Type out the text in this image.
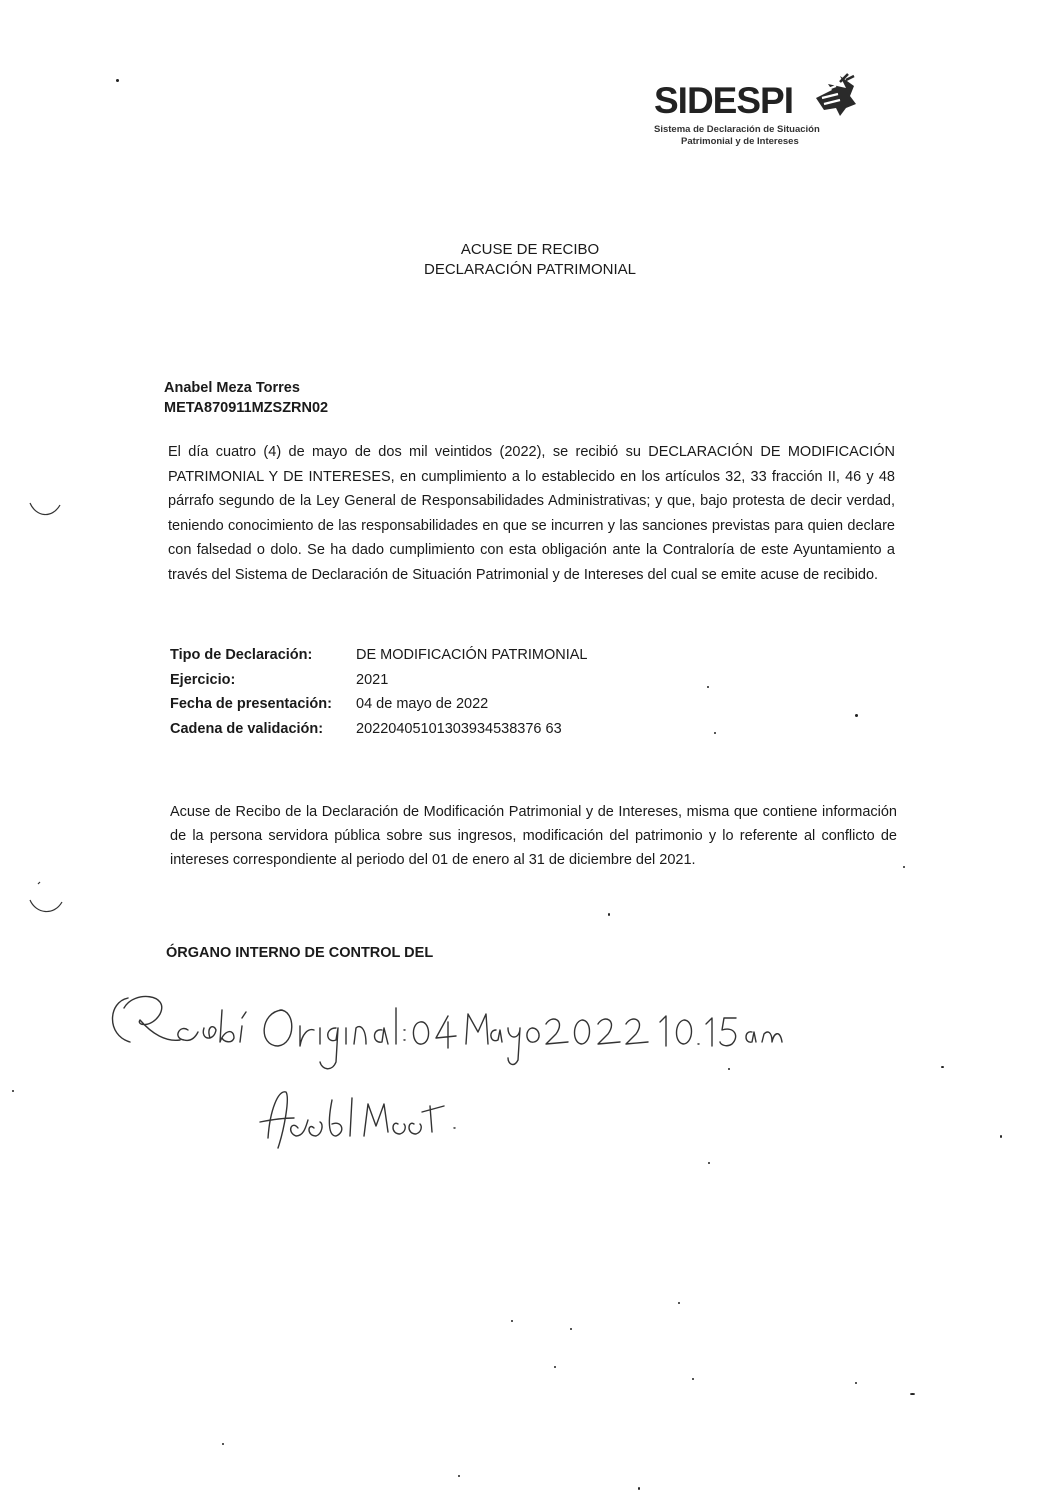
SIDESPI
Sistema de Declaración de Situación
Patrimonial y de Intereses
ACUSE DE RECIBO
DECLARACIÓN PATRIMONIAL
Anabel Meza Torres
META870911MZSZRN02
El día cuatro (4) de mayo de dos mil veintidos (2022), se recibió su DECLARACIÓN DE MODIFICACIÓN PATRIMONIAL Y DE INTERESES, en cumplimiento a lo establecido en los artículos 32, 33 fracción II, 46 y 48 párrafo segundo de la Ley General de Responsabilidades Administrativas; y que, bajo protesta de decir verdad, teniendo conocimiento de las responsabilidades en que se incurren y las sanciones previstas para quien declare con falsedad o dolo. Se ha dado cumplimiento con esta obligación ante la Contraloría de este Ayuntamiento a través del Sistema de Declaración de Situación Patrimonial y de Intereses del cual se emite acuse de recibido.
Tipo de Declaración:	DE MODIFICACIÓN PATRIMONIAL
Ejercicio:	2021
Fecha de presentación: 04 de mayo de 2022
Cadena de validación: 20220405101303934538376 63
Acuse de Recibo de la Declaración de Modificación Patrimonial y de Intereses, misma que contiene información de la persona servidora pública sobre sus ingresos, modificación del patrimonio y lo referente al conflicto de intereses correspondiente al periodo del 01 de enero al 31 de diciembre del 2021.
ÓRGANO INTERNO DE CONTROL DEL
